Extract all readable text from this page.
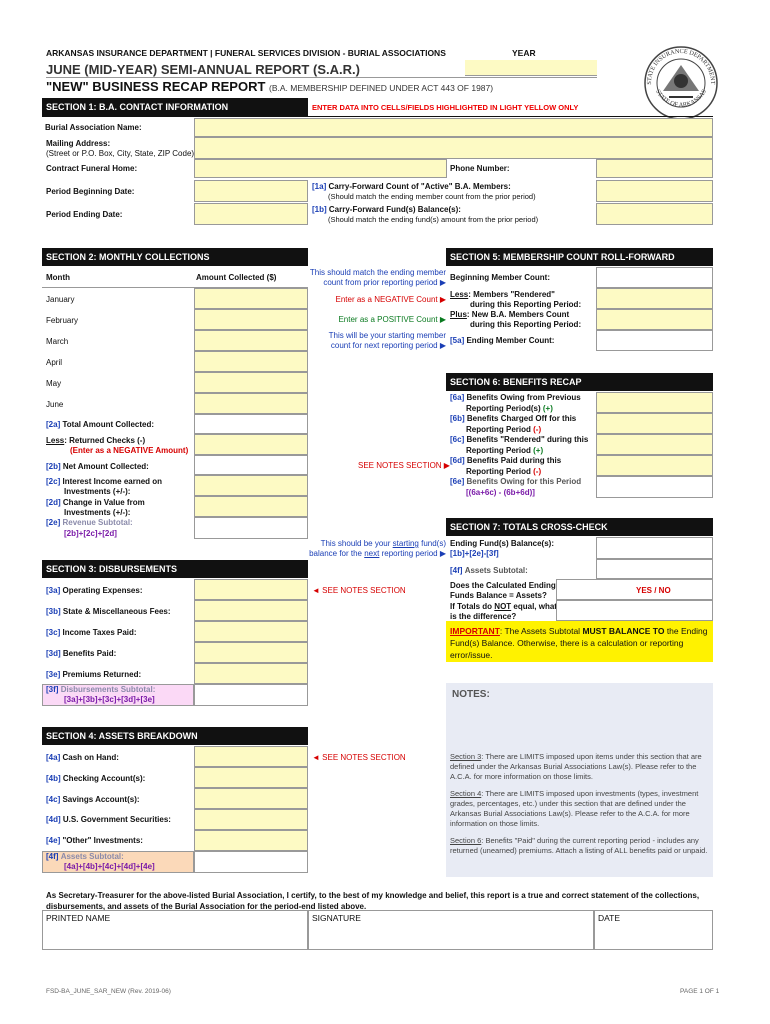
ARKANSAS INSURANCE DEPARTMENT | FUNERAL SERVICES DIVISION - BURIAL ASSOCIATIONS	YEAR
JUNE (MID-YEAR) SEMI-ANNUAL REPORT (S.A.R.)
"NEW" BUSINESS RECAP REPORT (B.A. MEMBERSHIP DEFINED UNDER ACT 443 OF 1987)
STATE INSURANCE DEPARTMENT
STATE OF ARKANSAS
SECTION 1: B.A. CONTACT INFORMATION	ENTER DATA INTO CELLS/FIELDS HIGHLIGHTED IN LIGHT YELLOW ONLY
Burial Association Name:
Mailing Address:
(Street or P.O. Box, City, State, ZIP Code)
Contract Funeral Home:	Phone Number:
Period Beginning Date:
[1a] Carry-Forward Count of "Active" B.A. Members:
(Should match the ending member count from the prior period)
Period Ending Date:
[1b] Carry-Forward Fund(s) Balance(s):
(Should match the ending fund(s) amount from the prior period)
SECTION 2: MONTHLY COLLECTIONS
Month	Amount Collected ($)
January
February
March
April
May
June
[2a] Total Amount Collected:
Less: Returned Checks (-)
(Enter as a NEGATIVE Amount)
[2b] Net Amount Collected:
[2c] Interest Income earned on
Investments (+/-):
[2d] Change in Value from
Investments (+/-):
[2e] Revenue Subtotal:
[2b]+[2c]+[2d]
SECTION 3: DISBURSEMENTS
[3a] Operating Expenses:	◄ SEE NOTES SECTION
[3b] State & Miscellaneous Fees:
[3c] Income Taxes Paid:
[3d] Benefits Paid:
[3e] Premiums Returned:
[3f] Disbursements Subtotal:
[3a]+[3b]+[3c]+[3d]+[3e]
SECTION 4: ASSETS BREAKDOWN
[4a] Cash on Hand:	◄ SEE NOTES SECTION
[4b] Checking Account(s):
[4c] Savings Account(s):
[4d] U.S. Government Securities:
[4e] "Other" Investments:
[4f] Assets Subtotal:
[4a]+[4b]+[4c]+[4d]+[4e]
SECTION 5: MEMBERSHIP COUNT ROLL-FORWARD
This should match the ending member
count from prior reporting period ▶
Enter as a NEGATIVE Count ▶
Enter as a POSITIVE Count ▶
This will be your starting member
count for next reporting period ▶
Beginning Member Count:
Less: Members "Rendered"
during this Reporting Period:
Plus: New B.A. Members Count
during this Reporting Period:
[5a] Ending Member Count:
SECTION 6: BENEFITS RECAP
[6a] Benefits Owing from Previous
Reporting Period(s) (+)
[6b] Benefits Charged Off for this
Reporting Period (-)
[6c] Benefits "Rendered" during this
Reporting Period (+)
SEE NOTES SECTION ▶
[6d] Benefits Paid during this
Reporting Period (-)
[6e] Benefits Owing for this Period
[(6a+6c) - (6b+6d)]
SECTION 7: TOTALS CROSS-CHECK
This should be your starting fund(s)
balance for the next reporting period ▶
Ending Fund(s) Balance(s):
[1b]+[2e]-[3f]
[4f] Assets Subtotal:
Does the Calculated Ending
Funds Balance = Assets?
YES / NO
If Totals do NOT equal, what
is the difference?
IMPORTANT: The Assets Subtotal MUST BALANCE TO the Ending Fund(s) Balance. Otherwise, there is a calculation or reporting error/issue.
NOTES:
Section 3: There are LIMITS imposed upon items under this section that are defined under the Arkansas Burial Associations Law(s). Please refer to the A.C.A. for more information on those limits.
Section 4: There are LIMITS imposed upon investments (types, investment grades, percentages, etc.) under this section that are defined under the Arkansas Burial Associations Law(s). Please refer to the A.C.A. for more information on those limits.
Section 6: Benefits "Paid" during the current reporting period - includes any returned (unearned) premiums. Attach a listing of ALL benefits paid or unpaid.
As Secretary-Treasurer for the above-listed Burial Association, I certify, to the best of my knowledge and belief, this report is a true and correct statement of the collections, disbursements, and assets of the Burial Association for the period-end listed above.
PRINTED NAME	SIGNATURE	DATE
FSD-BA_JUNE_SAR_NEW (Rev. 2019-06)	PAGE 1 OF 1
